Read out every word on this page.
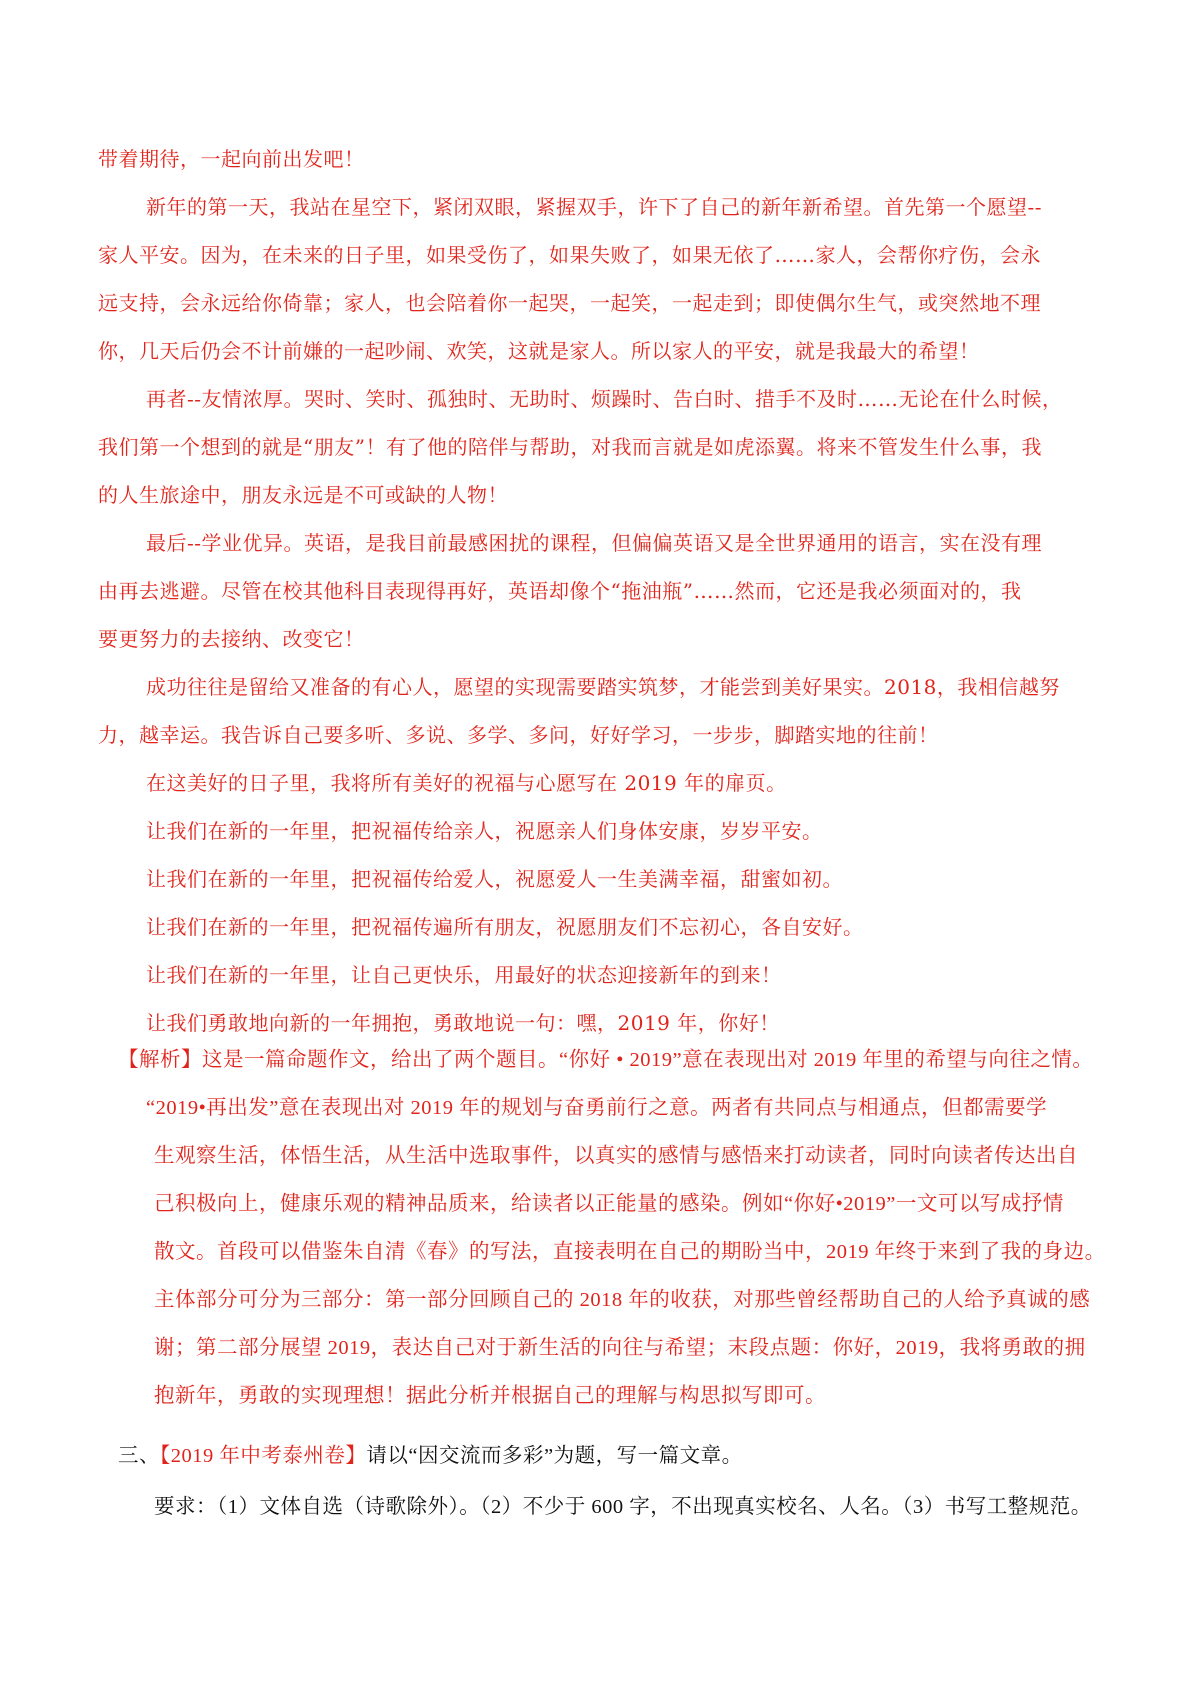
带着期待，一起向前出发吧！
新年的第一天，我站在星空下，紧闭双眼，紧握双手，许下了自己的新年新希望。首先第一个愿望--
家人平安。因为，在未来的日子里，如果受伤了，如果失败了，如果无依了……家人，会帮你疗伤，会永
远支持，会永远给你倚靠；家人，也会陪着你一起哭，一起笑，一起走到；即使偶尔生气，或突然地不理
你，几天后仍会不计前嫌的一起吵闹、欢笑，这就是家人。所以家人的平安，就是我最大的希望！
再者--友情浓厚。哭时、笑时、孤独时、无助时、烦躁时、告白时、措手不及时……无论在什么时候，
我们第一个想到的就是“朋友”！有了他的陪伴与帮助，对我而言就是如虎添翼。将来不管发生什么事，我
的人生旅途中，朋友永远是不可或缺的人物！
最后--学业优异。英语，是我目前最感困扰的课程，但偏偏英语又是全世界通用的语言，实在没有理
由再去逃避。尽管在校其他科目表现得再好，英语却像个“拖油瓶”……然而，它还是我必须面对的，我
要更努力的去接纳、改变它！
成功往往是留给又准备的有心人，愿望的实现需要踏实筑梦，才能尝到美好果实。2018，我相信越努
力，越幸运。我告诉自己要多听、多说、多学、多问，好好学习，一步步，脚踏实地的往前！
在这美好的日子里，我将所有美好的祝福与心愿写在 2019 年的扉页。
让我们在新的一年里，把祝福传给亲人，祝愿亲人们身体安康，岁岁平安。
让我们在新的一年里，把祝福传给爱人，祝愿爱人一生美满幸福，甜蜜如初。
让我们在新的一年里，把祝福传遍所有朋友，祝愿朋友们不忘初心，各自安好。
让我们在新的一年里，让自己更快乐，用最好的状态迎接新年的到来！
让我们勇敢地向新的一年拥抱，勇敢地说一句：嘿，2019 年，你好！
【解析】这是一篇命题作文，给出了两个题目。“你好 • 2019”意在表现出对 2019 年里的希望与向往之情。
“2019•再出发”意在表现出对 2019 年的规划与奋勇前行之意。两者有共同点与相通点，但都需要学
生观察生活，体悟生活，从生活中选取事件，以真实的感情与感悟来打动读者，同时向读者传达出自
己积极向上，健康乐观的精神品质来，给读者以正能量的感染。例如“你好•2019”一文可以写成抒情
散文。首段可以借鉴朱自清《春》的写法，直接表明在自己的期盼当中，2019 年终于来到了我的身边。
主体部分可分为三部分：第一部分回顾自己的 2018 年的收获，对那些曾经帮助自己的人给予真诚的感
谢；第二部分展望 2019，表达自己对于新生活的向往与希望；末段点题：你好，2019，我将勇敢的拥
抱新年，勇敢的实现理想！据此分析并根据自己的理解与构思拟写即可。
三、【2019 年中考泰州卷】请以“因交流而多彩”为题，写一篇文章。
要求：（1）文体自选（诗歌除外）。（2）不少于 600 字，不出现真实校名、人名。（3）书写工整规范。
